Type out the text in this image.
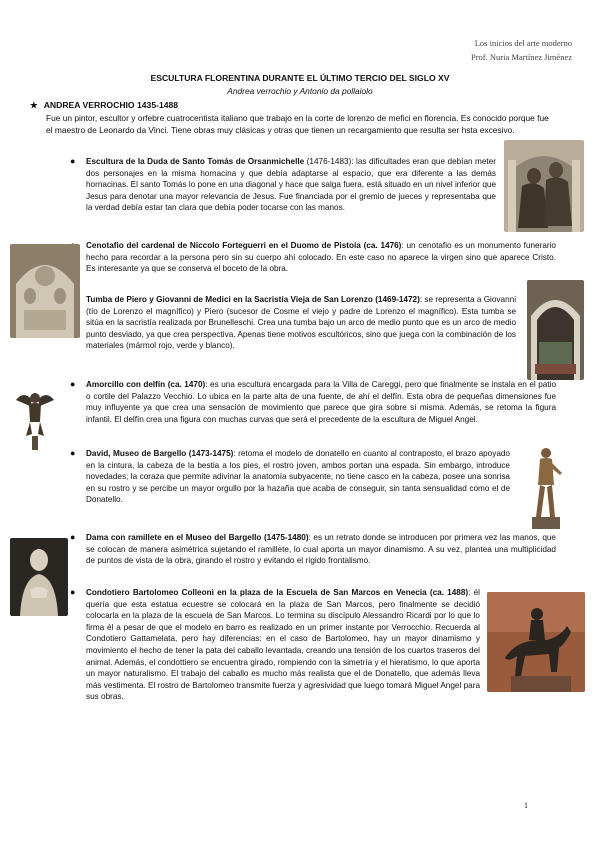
Los inicios del arte moderno
Prof. Nuria Martínez Jiménez
ESCULTURA FLORENTINA DURANTE EL ÚLTIMO TERCIO DEL SIGLO XV
Andrea verrochio y Antonio da pollaiolo
★ ANDREA VERROCHIO 1435-1488
Fue un pintor, escultor y orfebre cuatrocentista italiano que trabajo en la corte de lorenzo de mefici en florencia. Es conocido porque fue el maestro de Leonardo da Vinci. Tiene obras muy clásicas y otras que tienen un recargamiento que resulta ser hsta excesivo.
● Escultura de la Duda de Santo Tomás de Orsanmichelle (1476-1483): las dificultades eran que debían meter dos personajes en la misma hornacina y que debía adaptarse al espacio, que era diferente a las demás hornacinas. El santo Tomás lo pone en una diagonal y hace que salga fuera, está situado en un nivel inferior que Jesus para denotar una mayor relevancia de Jesus. Fue financiada por el gremio de jueces y representaba que la verdad debía estar tan clara que debía poder tocarse con las manos.
Cenotafio del cardenal de Niccolo Forteguerri en el Duomo de Pistoia (ca. 1476): un cenotafio es un monumento funerario hecho para recordar a la persona pero sin su cuerpo ahí colocado. En este caso no aparece la virgen sino que aparece Cristo. Es interesante ya que se conserva el boceto de la obra.
Tumba de Piero y Giovanni de Medici en la Sacristía Vieja de San Lorenzo (1469-1472): se representa a Giovanni (tío de Lorenzo el magnífico) y Piero (sucesor de Cosme el viejo y padre de Lorenzo el magnífico). Esta tumba se sitúa en la sacristía realizada por Brunelleschi. Crea una tumba bajo un arco de medio punto que es un arco de medio punto desviado, ya que crea perspectiva. Apenas tiene motivos escultóricos, sino que juega con la combinación de los materiales (mármol rojo, verde y blanco).
● Amorcillo con delfín (ca. 1470): es una escultura encargada para la Villa de Careggi, pero que finalmente se instala en el patio o cortile del Palazzo Vecchio. Lo ubica en la parte alta de una fuente, de ahí el delfín. Esta obra de pequeñas dimensiones fue muy influyente ya que crea una sensación de movimiento que parece que gira sobre sí misma. Además, se retoma la figura infantil. El delfín crea una figura con muchas curvas que será el precedente de la escultura de Miguel Angel.
● David, Museo de Bargello (1473-1475): retoma el modelo de donatello en cuanto al contraposto, el brazo apoyado en la cintura, la cabeza de la bestia a los pies, el rostro joven, ambos portan una espada. Sin embargo, introduce novedades; la coraza que permite adivinar la anatomía subyacente, no tiene casco en la cabeza, posee una sonrisa en su rostro y se percibe un mayor orgullo por la hazaña que acaba de conseguir, sin tanta sensualidad como el de Donatello.
● Dama con ramillete en el Museo del Bargello (1475-1480): es un retrato donde se introducen por primera vez las manos, que se colocan de manera asimétrica sujetando el ramillete, lo cual aporta un mayor dinamismo. A su vez, plantea una multiplicidad de puntos de vista de la obra, girando el rostro y evitando el rígido frontalismo.
● Condotiero Bartolomeo Colleoni en la plaza de la Escuela de San Marcos en Venecia (ca. 1488): él quería que esta estatua ecuestre se colocará en la plaza de San Marcos, pero finalmente se decidió colocarla en la plaza de la escuela de San Marcos. Lo termina su discípulo Alessandro Ricardi por lo que lo firma él a pesar de que el modelo en barro es realizado en un primer instante por Verrocchio. Recuerda al Condotiero Gattamelata, pero hay diferencias: en el caso de Bartolomeo, hay un mayor dinamismo y movimiento el hecho de tener la pata del caballo levantada, creando una tensión de los cuartos traseros del animal. Además, el condottiero se encuentra girado, rompiendo con la simetría y el hieratismo, lo que aporta un mayor naturalismo. El trabajo del caballo es mucho más realista que el de Donatello, que además lleva más vestimenta. El rostro de Bartolomeo transmite fuerza y agresividad que luego tomará Miguel Angel para sus obras.
1
